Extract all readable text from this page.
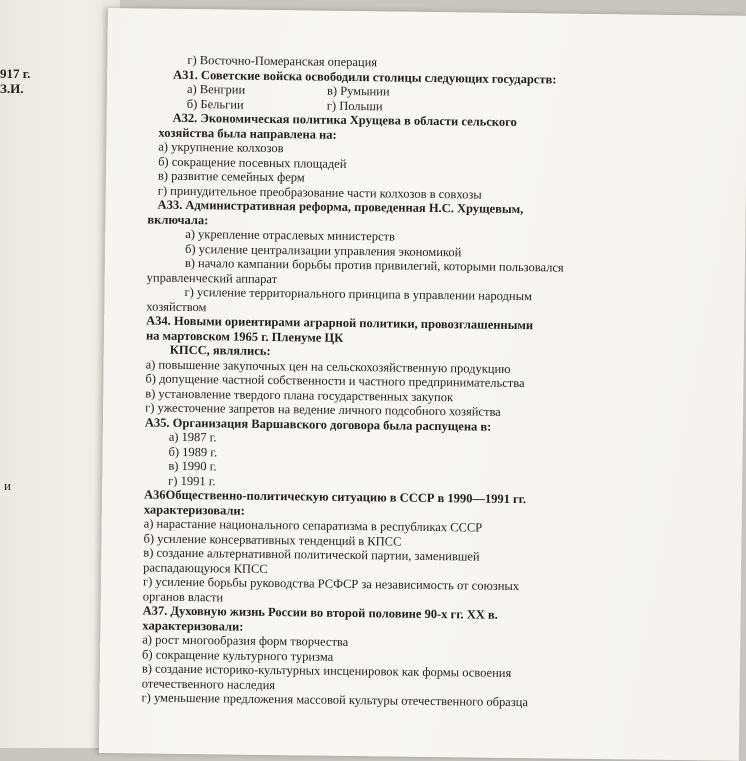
917 г.
З.И.
и
г) Восточно-Померанская операция
А31. Советские войска освободили столицы следующих государств:
а) Венгрии	в) Румынии
б) Бельгии	г) Польши
А32. Экономическая политика Хрущева в области сельского
хозяйства была направлена на:
а) укрупнение колхозов
б) сокращение посевных площадей
в) развитие семейных ферм
г) принудительное преобразование части колхозов в совхозы
А33. Административная реформа, проведенная Н.С. Хрущевым,
включала:
а) укрепление отраслевых министерств
б) усиление централизации управления экономикой
в) начало кампании борьбы против привилегий, которыми пользовался
управленческий аппарат
г) усиление территориального принципа в управлении народным
хозяйством
А34. Новыми ориентирами аграрной политики, провозглашенными
на мартовском 1965 г. Пленуме ЦК
КПСС, являлись:
а) повышение закупочных цен на сельскохозяйственную продукцию
б) допущение частной собственности и частного предпринимательства
в) установление твердого плана государственных закупок
г) ужесточение запретов на ведение личного подсобного хозяйства
А35. Организация Варшавского договора была распущена в:
а) 1987 г.
б) 1989 г.
в) 1990 г.
г) 1991 г.
А36Общественно-политическую ситуацию в СССР в 1990—1991 гг.
характеризовали:
а) нарастание национального сепаратизма в республиках СССР
б) усиление консервативных тенденций в КПСС
в) создание альтернативной политической партии, заменившей
распадающуюся КПСС
г) усиление борьбы руководства РСФСР за независимость от союзных
органов власти
А37. Духовную жизнь России во второй половине 90-х гг. XX в.
характеризовали:
а) рост многообразия форм творчества
б) сокращение культурного туризма
в) создание историко-культурных инсценировок как формы освоения
отечественного наследия
г) уменьшение предложения массовой культуры отечественного образца
